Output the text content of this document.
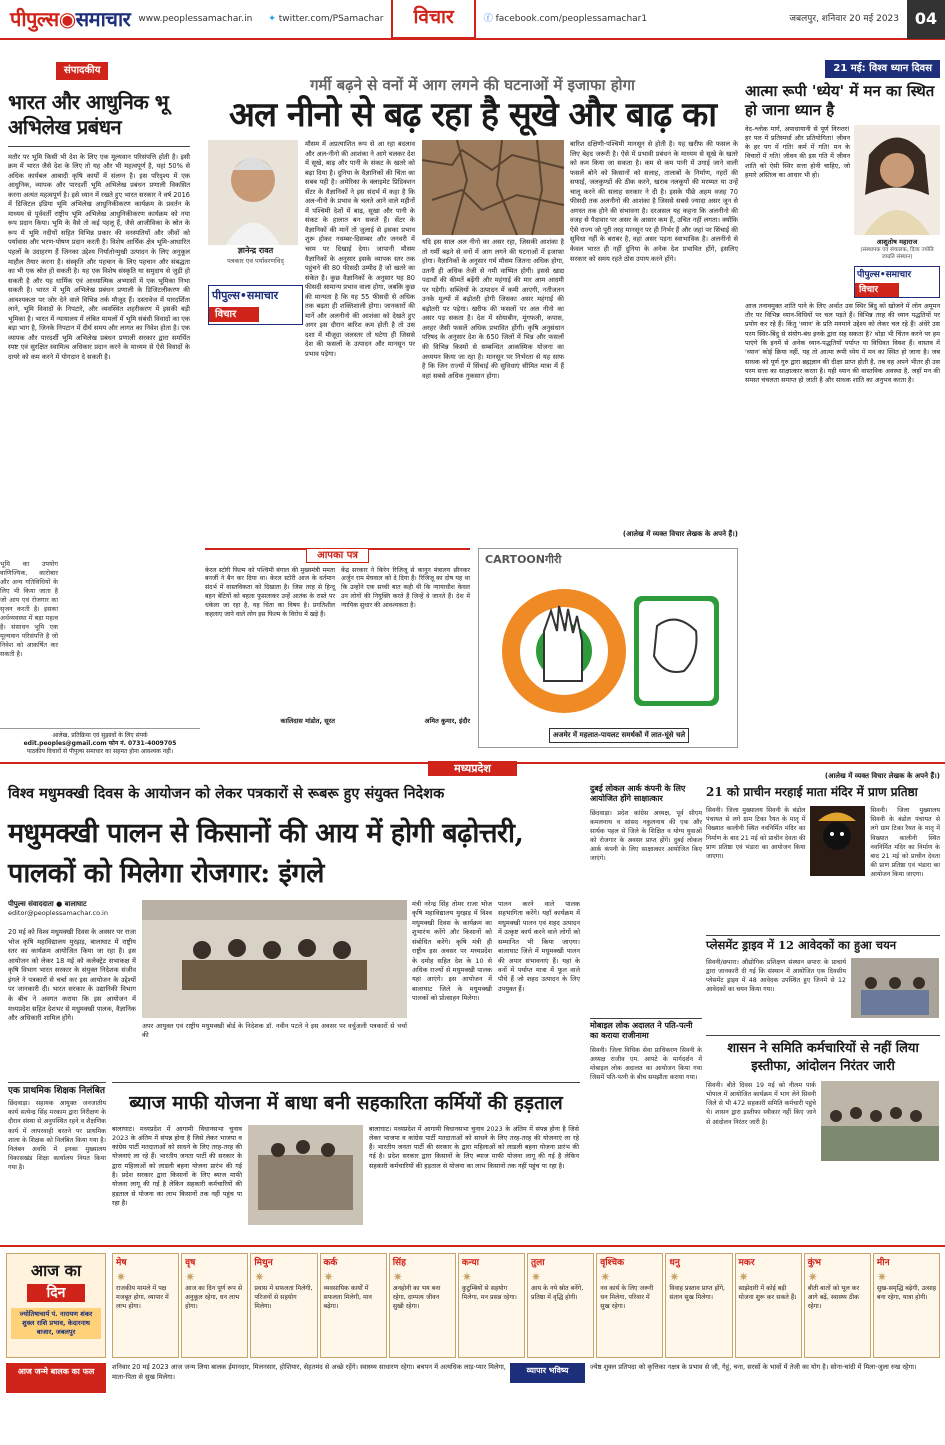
पीपुल्स◉समाचार www.peoplessamachar.in	✦ twitter.com/PSamachar	विचार	ⓕ facebook.com/peoplessamachar1	जबलपुर, शनिवार 20 मई 2023 04
संपादकीय
भारत और आधुनिक भू अभिलेख प्रबंधन
मतौर पर भूमि किसी भी देश के लिए एक मूल्यवान परिसंपत्ति होती है। इसी क्रम में भारत जैसे देश के लिए तो यह और भी महत्वपूर्ण है, यहां 50% से अधिक कार्यबल आबादी कृषि कार्यों में संलग्न है। इस परिदृश्य में एक आधुनिक, व्यापक और पारदर्शी भूमि अभिलेख प्रबंधन प्रणाली विकसित करना अत्यंत महत्वपूर्ण है। इसे ध्यान में रखते हुए भारत सरकार ने वर्ष 2016 में डिजिटल इंडिया भूमि अभिलेख आधुनिकीकरण कार्यक्रम के प्रवर्तन के माध्यम से पूर्ववर्ती राष्ट्रीय भूमि अभिलेख आधुनिकीकरण कार्यक्रम को नया रूप प्रदान किया। भूमि के वैसे तो कई पहलू हैं, जैसे आजीविका के स्रोत के रूप में भूमि नदीयों सहित विभिन्न प्रकार की वनस्पतियों और जीवों को पर्यावास और भरण-पोषण प्रदान करती है। विशेष आर्थिक क्षेत्र भूमि-आधारित पहलों के उदाहरण हैं जिनका उद्देश्य निर्यातोन्मुखी उत्पादन के लिए अनुकूल माहौल तैयार करना है। संस्कृति और पहचान के लिए पहचान और संबद्धता का भी एक स्रोत हो सकती है। यह एक विशेष संस्कृति या समुदाय से जुड़ी हो सकती है और यह धार्मिक एवं आध्यात्मिक अभ्यासों में एक भूमिका निभा सकती है। भारत में भूमि अभिलेख प्रबंधन प्रणाली के डिजिटलीकरण की आवश्यकता पर जोर देने वाले विभिन्न तर्क मौजूद हैं। दस्तावेज में पारदर्शिता लाने, भूमि विवादों के निपटारे, और व्यवस्थित शहरीकरण में इसकी बड़ी भूमिका है। भारत में न्यायालय में लंबित मामलों में भूमि संबंधी विवादों का एक बड़ा भाग है, जिनके निपटान में दीर्घ समय और लागत का निवेश होता है। एक व्यापक और पारदर्शी भूमि अभिलेख प्रबंधन प्रणाली सरकार द्वारा समर्थित स्पष्ट एवं सुरक्षित स्वामित्व अधिकार प्रदान करने के माध्यम से ऐसे विवादों के दायरे को कम करने में योगदान दे सकती है।
भूमि का उपयोग वाणिज्यिक, कारोबार और अन्य गतिविधियों के लिए भी किया जाता है जो आय एवं रोजगार का सृजन करती है। इसका अर्थव्यवस्था में बड़ा महत्व है। संसाधन भूमि एक मूल्यवान परिसंपत्ति है जो निवेश को आकर्षित कर सकती है।
आलेख, प्रतिक्रिया एवं सुझावों के लिए संपर्क
edit.peoples@gmail.com फोन नं. 0731-4009705
पाठकीय विचारों से पीपुल्स समाचार का सहमत होना आवश्यक नहीं।
गर्मी बढ़ने से वनों में आग लगने की घटनाओं में इजाफा होगा
अल नीनो से बढ़ रहा है सूखे और बाढ़ का
ज्ञानेन्द्र रावत
पत्रकार एवं पर्यावरणविद्
पीपुल्स•समाचार
विचार
मौसम में अप्रत्याशित रूप से आ रहा बदलाव और अल-नीनो की आशंका ने आगे चलकर देश में सूखे, बाढ़ और पानी के संकट के खतरे को बढ़ा दिया है। दुनिया के वैज्ञानिकों की चिंता का सबब यही है। अमेरिका के क्लाइमेट प्रिडिक्शन सेंटर के वैज्ञानिकों ने इस संदर्भ में कहा है कि अल-नीनो के प्रभाव के चलते आने वाले महीनों में पश्चिमी देशों में बाढ़, सूखा और पानी के संकट के हालात बन सकते हैं। सेंटर के वैज्ञानिकों की मानें तो जुलाई से इसका प्रभाव शुरू होकर नवम्बर-दिसम्बर और जनवरी में चरम पर दिखाई देगा। जापानी मौसम वैज्ञानिकों के अनुसार इसके व्यापक स्तर तक पहुंचने की 80 फीसदी उम्मीद है जो खतरे का संकेत है। कुछ वैज्ञानिकों के अनुसार यह 80 फीसदी सामान्य प्रभाव वाला होगा, जबकि कुछ की मान्यता है कि यह 55 फीसदी से अधिक तक बढ़ता ही शक्तिशाली होगा। जानकारों की मानें और अलनीनो की आशंका को देखते हुए अगर इस दौरान बारिश कम होती है तो उस दशा में मौजूदा जलस्तर तो घटेगा ही जिससे देश की फसलों के उत्पादन और मानसून पर प्रभाव पड़ेगा।
यदि इस साल अल नीनो का असर रहा, जिसकी आशंका है तो गर्मी बढ़ने से वनों में आग लगने की घटनाओं में इजाफा होगा। वैज्ञानिकों के अनुसार गर्म मौसम जितना अधिक होगा, उतनी ही अधिक तेजी से नमी वाष्पित होगी। इससे खाद्य पदार्थों की कीमतें बढ़ेंगी और महंगाई की मार आम आदमी पर पड़ेगी। सब्जियों के उत्पादन में कमी आएगी, नतीजतन उनके मूल्यों में बढ़ोतरी होगी जिसका असर महंगाई की बढ़ोतरी पर पड़ेगा। खरीफ की फसलों पर अल नीनो का असर पड़ सकता है। देश में सोयाबीन, मूंगफली, कपास, अरहर जैसी फसलें अधिक प्रभावित होंगी। कृषि अनुसंधान परिषद के अनुसार देश के 650 जिलों में भिन्न और फसलों की विभिन्न किस्मों से सम्बन्धित आकस्मिक योजना का अध्ययन किया जा रहा है। मानसून पर निर्भरता से यह साफ है कि जिन राज्यों में सिंचाई की सुविधाएं सीमित मात्रा में हैं वहां सबसे अधिक नुकसान होगा।
बारिश दक्षिणी-पश्चिमी मानसून से होती है। यह खरीफ की फसल के लिए बेहद जरूरी है। ऐसे में प्रभावी प्रबंधन के माध्यम से सूखे के खतरे को कम किया जा सकता है। कम से कम पानी में उगाई जाने वाली फसलें बोने को किसानों को सलाह, तालाबों के निर्माण, नहरों की सफाई, जलकुण्डों की ठीक करने, खराब नलकूपों की मरम्मत या उन्हें चालू करने की सलाह सरकार ने दी है। इसके पीछे अहम वजह 70 फीसदी तक अलनीनो की आशंका है जिससे सबसे ज्यादा असर जून से अगस्त तक होने की संभावना है। दरअसल यह कहना कि अलनीनो की वजह से पैदावार पर असर के आसार कम हैं, उचित नहीं लगता। क्योंकि ऐसे राज्य जो पूरी तरह मानसून पर ही निर्भर हैं और जहां पर सिंचाई की सुविधा नहीं के बराबर है, वहां असर पड़ना स्वाभाविक है। अलनीनो से केवल भारत ही नहीं दुनिया के अनेक देश प्रभावित होंगे, इसलिए सरकार को समय रहते ठोस उपाय करने होंगे।
(आलेख में व्यक्त विचार लेखक के अपने हैं।)
21 मई: विश्व ध्यान दिवस
आत्मा रूपी 'ध्येय' में मन का स्थित हो जाना ध्यान है
वेद-श्लोक मार्ग, अपाधायानी से पूर्ण निरन्तर! हर पल में प्रतिस्पर्धा और प्रतियोगिता! जीवन के हर पग में गति! कर्म में गति! मन के विचारों में गति! जीवन की इस गति में जीवन शांति को ऐसी स्थिर सत्ता होनी चाहिए, जो हमारे अस्तित्व का आधार भी हो।
आशुतोष महाराज
(संस्थापक एवं संचालक, दिव्य ज्योति जाग्रति संस्थान)
पीपुल्स•समाचार
विचार
आज तनावमुक्त शांति पाने के लिए अर्थात उस स्थिर बिंदु को खोजने में लोग अमूमन तौर पर विभिन्न ध्यान-विधियों पर चल पड़ते हैं। विभिन्न तरह की ध्यान पद्धतियों पर प्रयोग कर रहे हैं। किंतु 'ध्यान' के प्रति मनमाने उद्देश्य को लेकर चल रहे हैं! अंधेरे उस परम स्थिर-बिंदु से संयोग-बंध इनके द्वारा सह सकता है? थोड़ा भी चिंतन करने पर हम पाएंगे कि इनमें से अनेक ध्यान-पद्धतियाँ पर्याप्त या विधिवत विवश हैं। वास्तव में 'ध्यान' कोई क्रिया नहीं, यह तो आत्मा रूपी ध्येय में मन का स्थित हो जाना है। जब साधक को पूर्ण गुरु द्वारा ब्रह्मज्ञान की दीक्षा प्राप्त होती है, तब वह अपने भीतर ही उस परम सत्ता का साक्षात्कार करता है। यही ध्यान की वास्तविक अवस्था है, जहाँ मन की समस्त चंचलता समाप्त हो जाती है और साधक शांति का अनुभव करता है।
(आलेख में व्यक्त विचार लेखक के अपने हैं।)
आपका पत्र
केरल स्टोरी फिल्म को पश्चिमी बंगाल की मुख्यमंत्री ममता बनर्जी ने बैन कर दिया था। केरल स्टोरी आज के वर्तमान संदर्भ में वास्तविकता को दिखाता है। जिस तरह से हिन्दू बहन बेटियों को बहला फुसलाकर उन्हें आतंक के रास्ते पर धकेला जा रहा है, वह चिंता का विषय है। प्रगतिशील कहलाए जाने वाले लोग इस फिल्म के विरोध में खड़े हैं।
कालिदास मांडोत, सूरत
केंद्र सरकार ने किरेन रिजिजू से कानून मंत्रालय छीनकर अर्जुन राम मेघवाल को दे दिया है। रिजिजू का दोष यह था कि उन्होंने एक सच्ची बात कही थी कि न्यायाधीश केवल उन लोगों की नियुक्ति करते हैं जिन्हें वे जानते हैं। देश में न्यायिक सुधार की आवश्यकता है।
अमित कुमार, इंदौर
CARTOONगीरी
अजमेर में महलात-पायलट समर्थकों में लात-घूंसे चले
मध्यप्रदेश
विश्व मधुमक्खी दिवस के आयोजन को लेकर पत्रकारों से रूबरू हुए संयुक्त निदेशक
मधुमक्खी पालन से किसानों की आय में होगी बढ़ोत्तरी, पालकों को मिलेगा रोजगार: इंगले
पीपुल्स संवाददाता ● बालाघाट
editor@peoplessamachar.co.in
20 मई को विश्व मधुमक्खी दिवस के अवसर पर राजा भोज कृषि महाविद्यालय मुरझड़, बालाघाट में राष्ट्रीय स्तर का कार्यक्रम आयोजित किया जा रहा है। इस आयोजन को लेकर 18 मई को कलेक्ट्रेट सभाकक्ष में कृषि विभाग भारत सरकार के संयुक्त निदेशक संजीव इंगले ने पत्रकारों से चर्चा कर इस आयोजन के उद्देश्यों पर जानकारी दी। भारत सरकार के उद्यानिकी विभाग के बीच ने अवगत कराया कि इस आयोजन में मध्यप्रदेश सहित देशभर से मधुमक्खी पालक, वैज्ञानिक और अधिकारी शामिल होंगे।
अपर आयुक्त एवं राष्ट्रीय मधुमक्खी बोर्ड के निदेशक डॉ. नवीन पटले ने इस अवसर पर वर्चुअली पत्रकारों से चर्चा की
मंत्री नरेन्द्र सिंह तोमर राजा भोज कृषि महाविद्यालय मुरझड़ में विश्व मधुमक्खी दिवस के कार्यक्रम का शुभारंभ करेंगे और किसानों को संबोधित करेंगे। कृषि मंत्री ही राष्ट्रीय इस अवसर पर मध्यप्रदेश के दमोह सहित देश के 10 से अधिक राज्यों से मधुमक्खी पालक यहां आएंगे। इस आयोजन में बालाघाट जिले के मधुमक्खी पालकों को प्रोत्साहन मिलेगा।
पालन करने वाले पालक सहभागिता करेंगे। यहाँ कार्यक्रम में मधुमक्खी पालन एवं शहद उत्पादन में उत्कृष्ट कार्य करने वाले लोगों को सम्मानित भी किया जाएगा। बालाघाट जिले में मधुमक्खी पालन की अपार संभावनाएं हैं। यहां के वनों में पर्याप्त मात्रा में फूल वाले पौधे हैं जो शहद उत्पादन के लिए उपयुक्त हैं।
एक प्राथमिक शिक्षक निलंबित
छिंदवाड़ा। सहायक आयुक्त जनजातीय कार्य सत्येन्द्र सिंह मरकाम द्वारा निरीक्षण के दौरान संस्था से अनुपस्थित रहने व शैक्षणिक कार्य में लापरवाही बरतने पर प्राथमिक शाला के शिक्षक को निलंबित किया गया है। निलंबन अवधि में इनका मुख्यालय विकासखंड शिक्षा कार्यालय नियत किया गया है।
ब्याज माफी योजना में बाधा बनी सहकारिता कर्मियों की हड़ताल
बालाघाट। मध्यप्रदेश में आगामी विधानसभा चुनाव 2023 के अंतिम में संपन्न होना है जिसे लेकर भाजपा व कांग्रेस पार्टी मतदाताओं को साधने के लिए तरह-तरह की योजनाएं ला रहे हैं। भारतीय जनता पार्टी की सरकार के द्वारा महिलाओं को लाडली बहना योजना प्रारंभ की गई है। प्रदेश सरकार द्वारा किसानों के लिए ब्याज माफी योजना लागू की गई है लेकिन सहकारी कर्मचारियों की हड़ताल से योजना का लाभ किसानों तक नहीं पहुंच पा रहा है।
बालाघाट। मध्यप्रदेश में आगामी विधानसभा चुनाव 2023 के अंतिम में संपन्न होना है जिसे लेकर भाजपा व कांग्रेस पार्टी मतदाताओं को साधने के लिए तरह-तरह की योजनाएं ला रहे हैं। भारतीय जनता पार्टी की सरकार के द्वारा महिलाओं को लाडली बहना योजना प्रारंभ की गई है। प्रदेश सरकार द्वारा किसानों के लिए ब्याज माफी योजना लागू की गई है लेकिन सहकारी कर्मचारियों की हड़ताल से योजना का लाभ किसानों तक नहीं पहुंच पा रहा है।
दुबई लोकल आर्क कंपनी के लिए आयोजित होंगे साक्षात्कार
छिंदवाड़ा। प्रदेश कांग्रेस अध्यक्ष, पूर्व सीएम कमलनाथ व सांसद नकुलनाथ की एक और सार्थक पहल से जिले के शिक्षित व योग्य युवाओं को रोजगार के अवसर प्राप्त होंगे। दुबई लोकल आर्क कंपनी के लिए साक्षात्कार आयोजित किए जाएंगे।
21 को प्राचीन मरहाई माता मंदिर में प्राण प्रतिष्ठा
सिवनी। जिला मुख्यालय सिवनी के बंडोल पंचायत से लगे ग्राम टिका रैयत के मातृ में विख्यात कालीनी स्थित नवनिर्मित मंदिर का निर्माण के बाद 21 मई को प्राचीन देवता की प्राण प्रतिष्ठा एवं भंडारा का आयोजन किया जाएगा।
सिवनी। जिला मुख्यालय सिवनी के बंडोल पंचायत से लगे ग्राम टिका रैयत के मातृ में विख्यात कालीनी स्थित नवनिर्मित मंदिर का निर्माण के बाद 21 मई को प्राचीन देवता की प्राण प्रतिष्ठा एवं भंडारा का आयोजन किया जाएगा।
प्लेसमेंट ड्राइव में 12 आवेदकों का हुआ चयन
सिवनी/छपारा। औद्योगिक प्रशिक्षण संस्थान छपारा के प्राचार्य द्वारा जानकारी दी गई कि संस्थान में आयोजित एक दिवसीय प्लेसमेंट ड्राइव में 48 आवेदक उपस्थित हुए जिनमें से 12 आवेदकों का चयन किया गया।
मोबाइल लोक अदालत ने पति-पत्नी का कराया राजीनामा
सिवनी। जिला विधिक सेवा प्राधिकरण सिवनी के अध्यक्ष राजीव एम. आपटे के मार्गदर्शन में मोबाइल लोक अदालत का आयोजन किया गया जिसमें पति-पत्नी के बीच समझौता कराया गया।
शासन ने समिति कर्मचारियों से नहीं लिया इस्तीफा, आंदोलन निरंतर जारी
सिवनी। बीते दिवस 19 मई को नीलम पार्क भोपाल में आयोजित कार्यक्रम में भाग लेने सिवनी जिले से भी 472 सहकारी समिति कर्मचारी पहुंचे थे। शासन द्वारा इस्तीफा स्वीकार नहीं किए जाने से आंदोलन निरंतर जारी है।
आज का
दिन
ज्योतिषाचार्य पं. नारायण शंकर शुक्ल राशि प्रभाव, केदारनाथ बाजार, जबलपुर
मेष
✷
राजकीय मामले में पक्ष मजबूत होगा, व्यापार में लाभ होगा।
वृष
✷
आज का दिन पूर्ण रूप से अनुकूल रहेगा, धन लाभ होगा।
मिथुन
✷
प्रवास में सफलता मिलेगी, परिजनों से सहयोग मिलेगा।
कर्क
✷
व्यवसायिक कार्यों में सफलता मिलेगी, मान बढ़ेगा।
सिंह
✷
अनहोनी का भय बना रहेगा, दाम्पत्य जीवन सुखी रहेगा।
कन्या
✷
कुटुम्बियों से सहयोग मिलेगा, मन प्रसन्न रहेगा।
तुला
✷
आय के नये स्रोत बनेंगे, प्रतिष्ठा में वृद्धि होगी।
वृश्चिक
✷
नव कार्य के लिए जरूरी धन मिलेगा, परिवार में सुख रहेगा।
धनु
✷
विवाह प्रस्ताव प्राप्त होंगे, संतान सुख मिलेगा।
मकर
✷
साझेदारी में कोई बड़ी योजना शुरू कर सकते हैं।
कुंभ
✷
बीती बातों को भूल कर आगे बढ़ें, स्वास्थ्य ठीक रहेगा।
मीन
✷
सुख-समृद्धि बढ़ेगी, उत्साह बना रहेगा, यात्रा होगी।
आज जन्मे बालक का फल	शनिवार 20 मई 2023 आज जन्म लिया बालक ईमानदार, मिलनसार, होशियार, सेहतमंद से अच्छे रहेंगे। स्वास्थ्य साधारण रहेगा। बचपन में अत्यधिक लाड़-प्यार मिलेगा, माता-पिता से सुख मिलेगा।
व्यापार भविष्य	ज्येष्ठ शुक्ल प्रतिपदा को कृत्तिका नक्षत्र के प्रभाव से जौ, गेहूं, चना, सरसों के भावों में तेजी का योग है। सोना-चांदी में मिला-जुला रुख रहेगा।
